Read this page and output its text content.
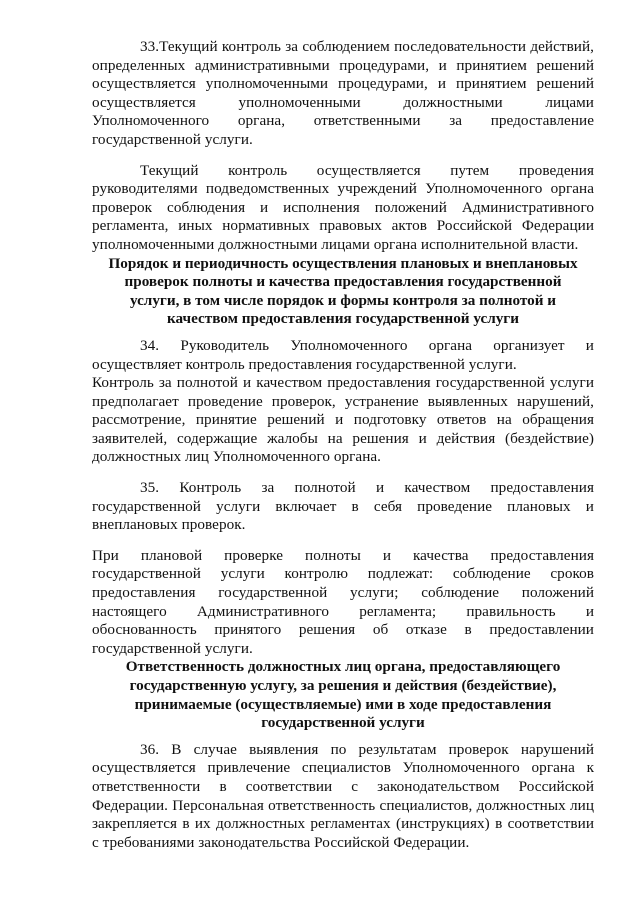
33.Текущий контроль за соблюдением последовательности действий, определенных административными процедурами, и принятием решений осуществляется уполномоченными процедурами, и принятием решений осуществляется уполномоченными должностными лицами Уполномоченного органа, ответственными за предоставление государственной услуги.

Текущий контроль осуществляется путем проведения руководителями подведомственных учреждений Уполномоченного органа проверок соблюдения и исполнения положений Административного регламента, иных нормативных правовых актов Российской Федерации уполномоченными должностными лицами органа исполнительной власти.

Порядок и периодичность осуществления плановых и внеплановых проверок полноты и качества предоставления государственной услуги, в том числе порядок и формы контроля за полнотой и качеством предоставления государственной услуги

34. Руководитель Уполномоченного органа организует и осуществляет контроль предоставления государственной услуги.

Контроль за полнотой и качеством предоставления государственной услуги предполагает проведение проверок, устранение выявленных нарушений, рассмотрение, принятие решений и подготовку ответов на обращения заявителей, содержащие жалобы на решения и действия (бездействие) должностных лиц Уполномоченного органа.

35. Контроль за полнотой и качеством предоставления государственной услуги включает в себя проведение плановых и внеплановых проверок.

При плановой проверке полноты и качества предоставления государственной услуги контролю подлежат: соблюдение сроков предоставления государственной услуги; соблюдение положений настоящего Административного регламента; правильность и обоснованность принятого решения об отказе в предоставлении государственной услуги.

Ответственность должностных лиц органа, предоставляющего государственную услугу, за решения и действия (бездействие), принимаемые (осуществляемые) ими в ходе предоставления государственной услуги

36. В случае выявления по результатам проверок нарушений осуществляется привлечение специалистов Уполномоченного органа к ответственности в соответствии с законодательством Российской Федерации. Персональная ответственность специалистов, должностных лиц закрепляется в их должностных регламентах (инструкциях) в соответствии с требованиями законодательства Российской Федерации.
